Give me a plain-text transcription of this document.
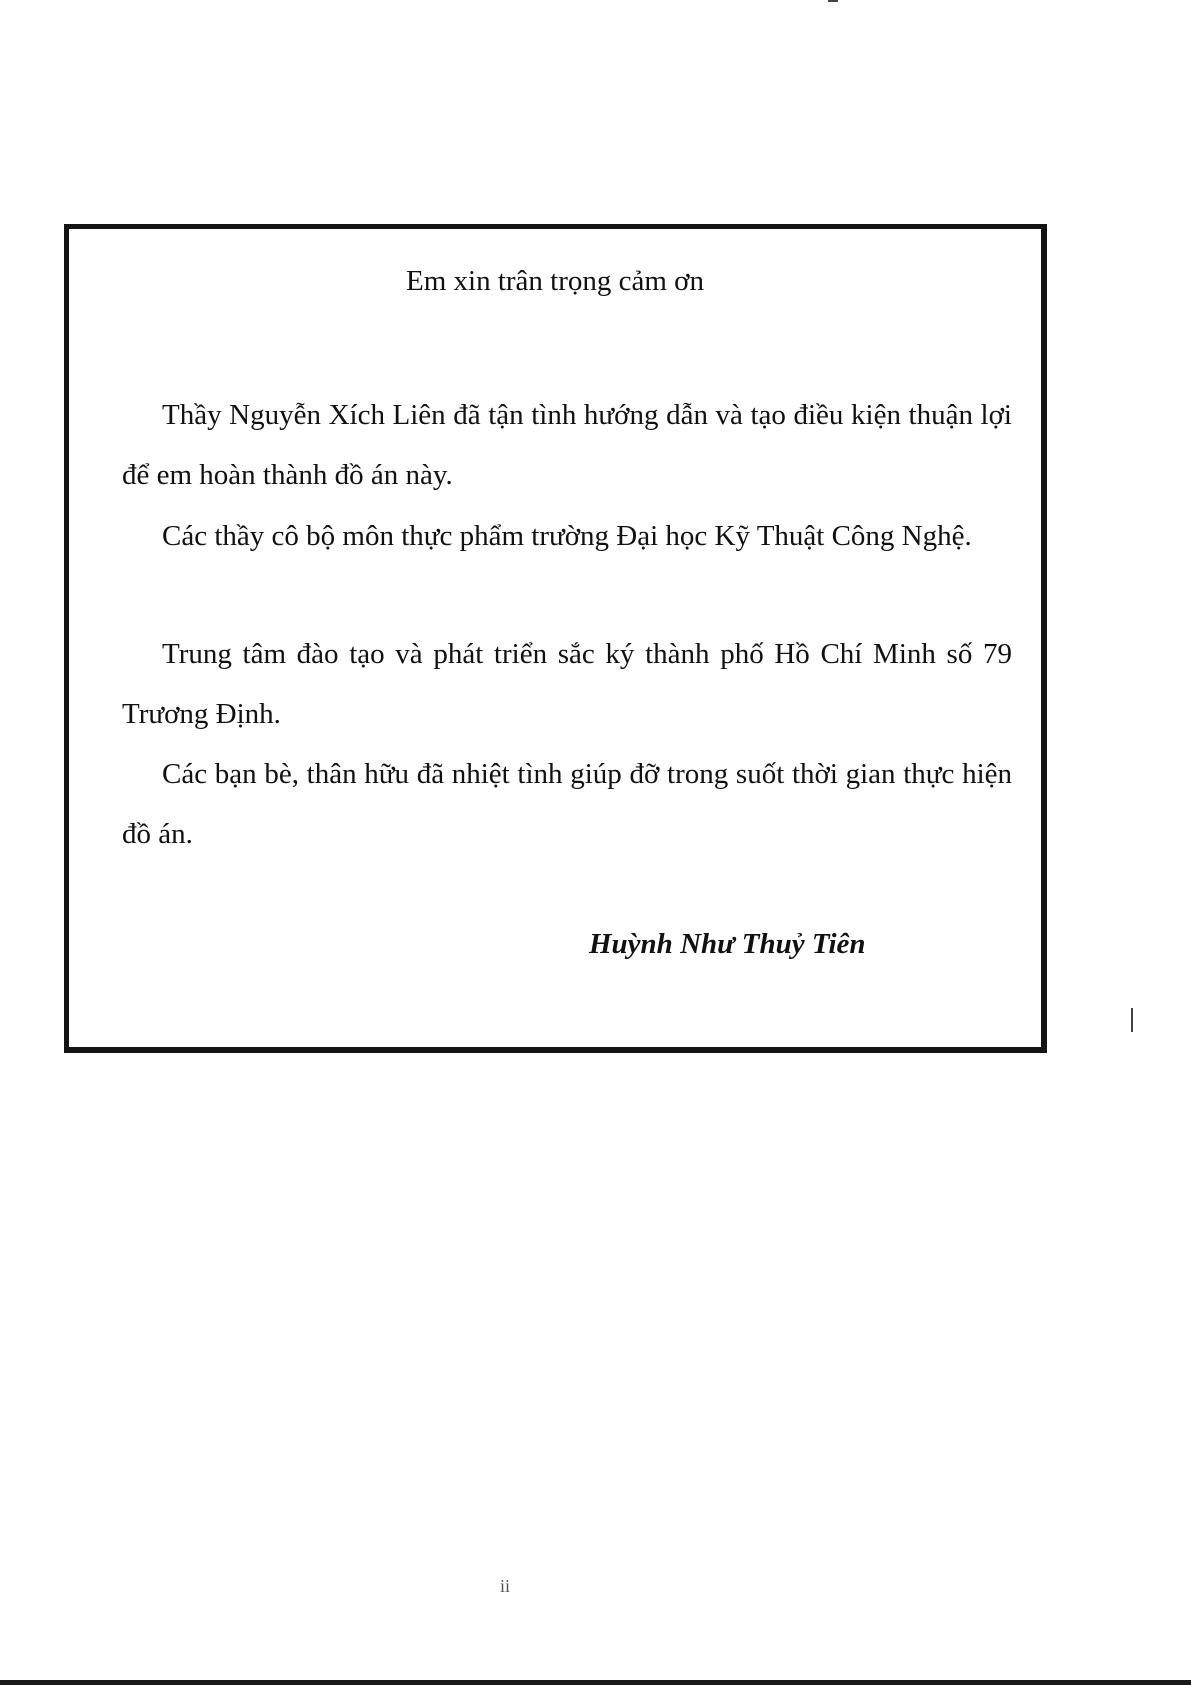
Em xin trân trọng cảm ơn

Thầy Nguyễn Xích Liên đã tận tình hướng dẫn và tạo điều kiện thuận lợi để em hoàn thành đồ án này.

Các thầy cô bộ môn thực phẩm trường Đại học Kỹ Thuật Công Nghệ.

Trung tâm đào tạo và phát triển sắc ký thành phố Hồ Chí Minh số 79 Trương Định.

Các bạn bè, thân hữu đã nhiệt tình giúp đỡ trong suốt thời gian thực hiện đồ án.

Huỳnh Như Thuỷ Tiên

ii
